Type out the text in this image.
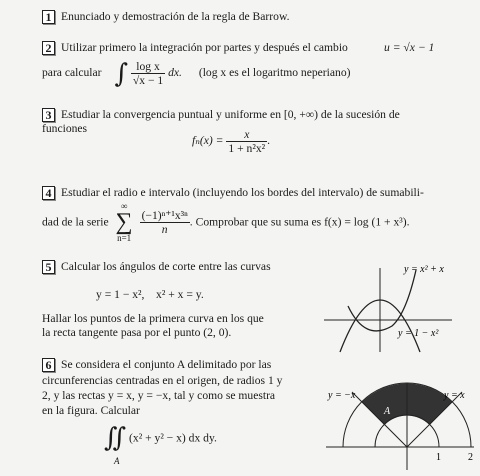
1 Enunciado y demostración de la regla de Barrow.
2 Utilizar primero la integración por partes y después el cambio	u = √x − 1
para calcular ∫ $\frac{\text{log x}}{√x - 1}$ dx. (log x es el logaritmo neperiano)
3 Estudiar la convergencia puntual y uniforme en [0, +∞) de la sucesión de
funciones
$f_n(x) = \frac{x}{\text{1 + n²x²}}$ .
4 Estudiar el radio e intervalo (incluyendo los bordes del intervalo) de sumabili-
dad de la serie
∞
∑
n=1

$\frac{\text{(−1)ⁿ⁺¹x³ⁿ}}{n}$ . Comprobar que su suma es f(x) = log (1 + x³).
5 Calcular los ángulos de corte entre las curvas
y = 1 − x²,    x² + x = y.
Hallar los puntos de la primera curva en los que
la recta tangente pasa por el punto (2, 0).
y = x² + x
y = 1 − x²
6 Se considera el conjunto A delimitado por las
circunferencias centradas en el origen, de radios 1 y
2, y las rectas y = x, y = −x, tal y como se muestra
en la figura. Calcular
∬ (x² + y² − x) dx dy.
A
y = −x	y = x
A
1	2
